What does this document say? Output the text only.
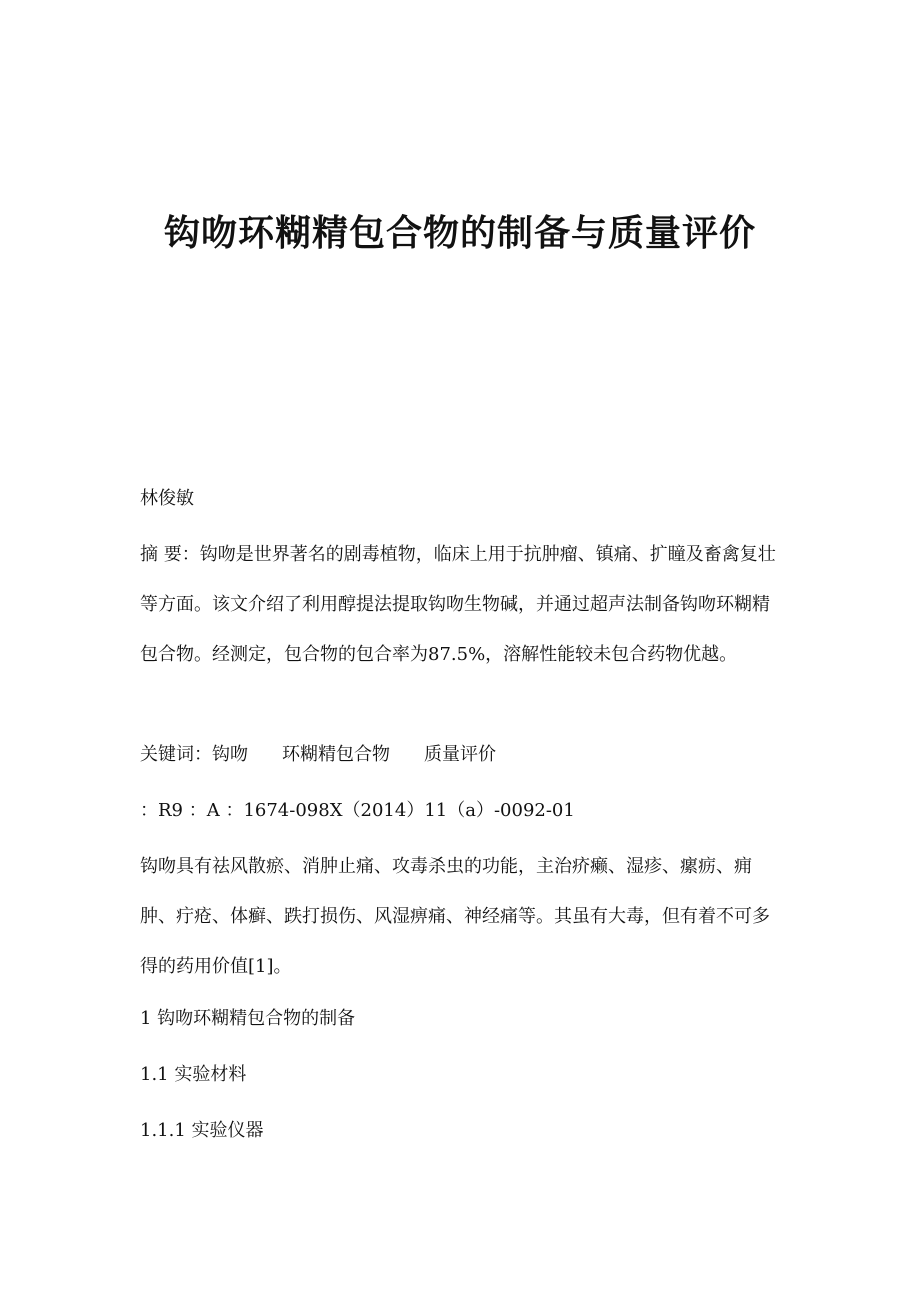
钩吻环糊精包合物的制备与质量评价
林俊敏
摘 要：钩吻是世界著名的剧毒植物，临床上用于抗肿瘤、镇痛、扩瞳及畜禽复壮等方面。该文介绍了利用醇提法提取钩吻生物碱，并通过超声法制备钩吻环糊精包合物。经测定，包合物的包合率为87.5%，溶解性能较未包合药物优越。
关键词：钩吻 环糊精包合物 质量评价
：R9 ：A ：1674-098X（2014）11（a）-0092-01
钩吻具有祛风散瘀、消肿止痛、攻毒杀虫的功能，主治疥癞、湿疹、瘰疬、痈肿、疔疮、体癣、跌打损伤、风湿痹痛、神经痛等。其虽有大毒，但有着不可多得的药用价值[1]。
1 钩吻环糊精包合物的制备
1.1 实验材料
1.1.1 实验仪器
